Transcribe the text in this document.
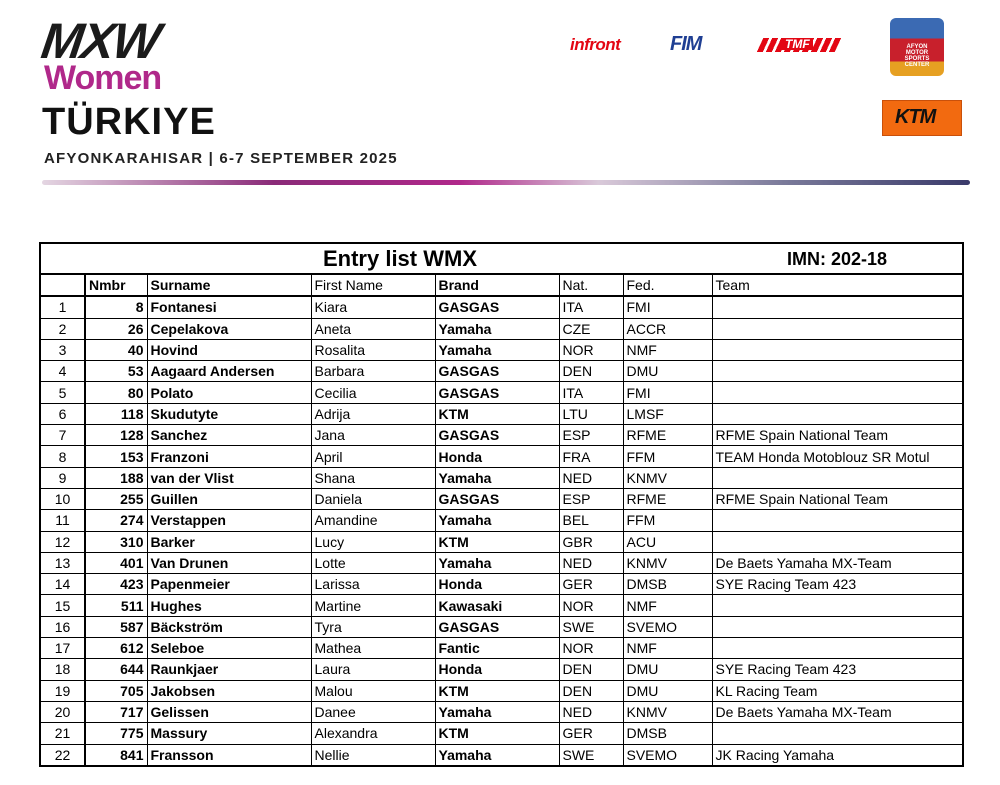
MXW
Women
TÜRKIYE
AFYONKARAHISAR | 6-7 SEPTEMBER 2025
infront FIM	TMF	AFYON MOTOR SPORTS CENTER
KTM
Entry list WMX	IMN: 202-18
	Nmbr	Surname	First Name	Brand	Nat.	Fed.	Team
1	8	Fontanesi	Kiara	GASGAS	ITA	FMI	
2	26	Cepelakova	Aneta	Yamaha	CZE	ACCR	
3	40	Hovind	Rosalita	Yamaha	NOR	NMF	
4	53	Aagaard Andersen	Barbara	GASGAS	DEN	DMU	
5	80	Polato	Cecilia	GASGAS	ITA	FMI	
6	118	Skudutyte	Adrija	KTM	LTU	LMSF	
7	128	Sanchez	Jana	GASGAS	ESP	RFME	RFME Spain National Team
8	153	Franzoni	April	Honda	FRA	FFM	TEAM Honda Motoblouz SR Motul
9	188	van der Vlist	Shana	Yamaha	NED	KNMV	
10	255	Guillen	Daniela	GASGAS	ESP	RFME	RFME Spain National Team
11	274	Verstappen	Amandine	Yamaha	BEL	FFM	
12	310	Barker	Lucy	KTM	GBR	ACU	
13	401	Van Drunen	Lotte	Yamaha	NED	KNMV	De Baets Yamaha MX-Team
14	423	Papenmeier	Larissa	Honda	GER	DMSB	SYE Racing Team 423
15	511	Hughes	Martine	Kawasaki	NOR	NMF	
16	587	Bäckström	Tyra	GASGAS	SWE	SVEMO	
17	612	Seleboe	Mathea	Fantic	NOR	NMF	
18	644	Raunkjaer	Laura	Honda	DEN	DMU	SYE Racing Team 423
19	705	Jakobsen	Malou	KTM	DEN	DMU	KL Racing Team
20	717	Gelissen	Danee	Yamaha	NED	KNMV	De Baets Yamaha MX-Team
21	775	Massury	Alexandra	KTM	GER	DMSB	
22	841	Fransson	Nellie	Yamaha	SWE	SVEMO	JK Racing Yamaha
